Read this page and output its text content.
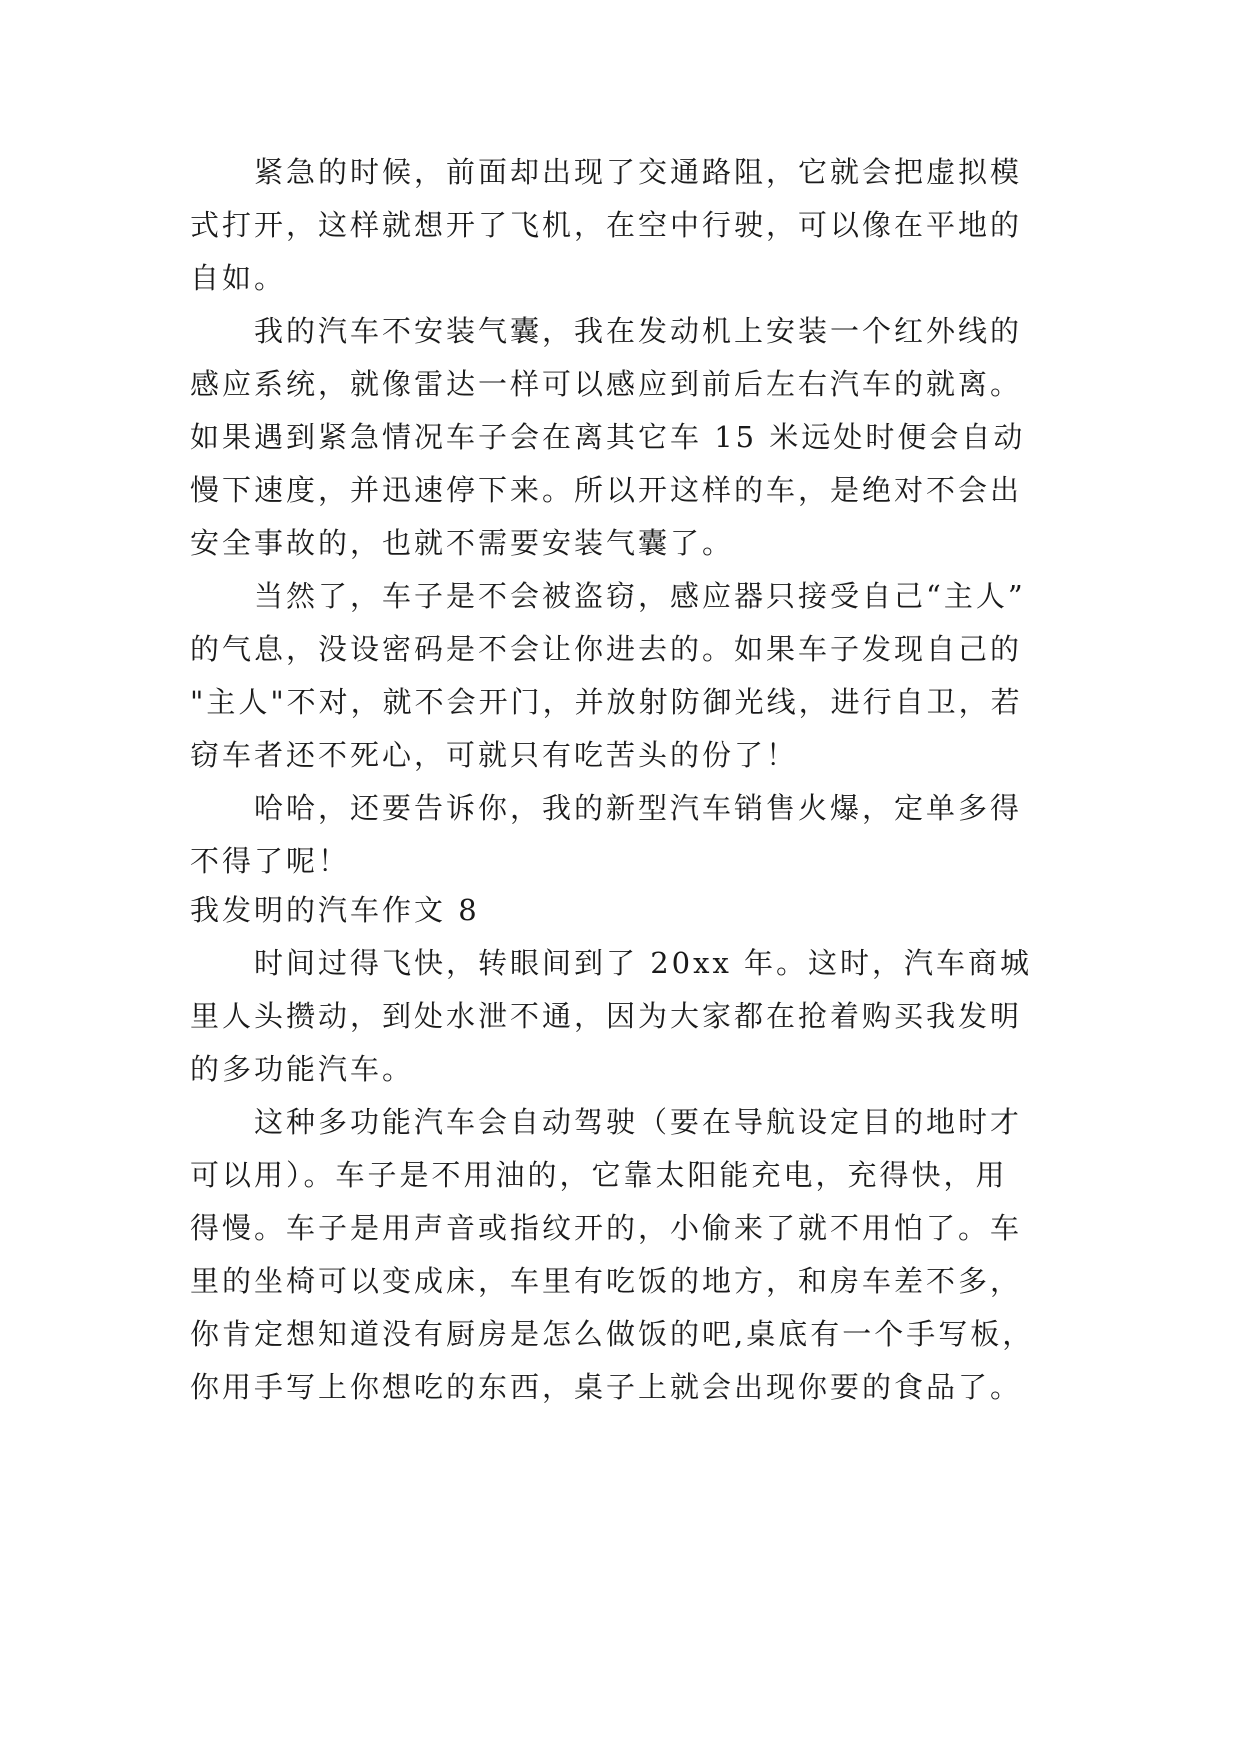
紧急的时候，前面却出现了交通路阻，它就会把虚拟模
式打开，这样就想开了飞机，在空中行驶，可以像在平地的
自如。
我的汽车不安装气囊，我在发动机上安装一个红外线的
感应系统，就像雷达一样可以感应到前后左右汽车的就离。
如果遇到紧急情况车子会在离其它车 15 米远处时便会自动
慢下速度，并迅速停下来。所以开这样的车，是绝对不会出
安全事故的，也就不需要安装气囊了。
当然了，车子是不会被盗窃，感应器只接受自己“主人”
的气息，没设密码是不会让你进去的。如果车子发现自己的
"主人"不对，就不会开门，并放射防御光线，进行自卫，若
窃车者还不死心，可就只有吃苦头的份了！
哈哈，还要告诉你，我的新型汽车销售火爆，定单多得
不得了呢！
我发明的汽车作文 8
时间过得飞快，转眼间到了 20xx 年。这时，汽车商城
里人头攒动，到处水泄不通，因为大家都在抢着购买我发明
的多功能汽车。
这种多功能汽车会自动驾驶（要在导航设定目的地时才
可以用）。车子是不用油的，它靠太阳能充电，充得快，用
得慢。车子是用声音或指纹开的，小偷来了就不用怕了。车
里的坐椅可以变成床，车里有吃饭的地方，和房车差不多，
你肯定想知道没有厨房是怎么做饭的吧,桌底有一个手写板，
你用手写上你想吃的东西，桌子上就会出现你要的食品了。
